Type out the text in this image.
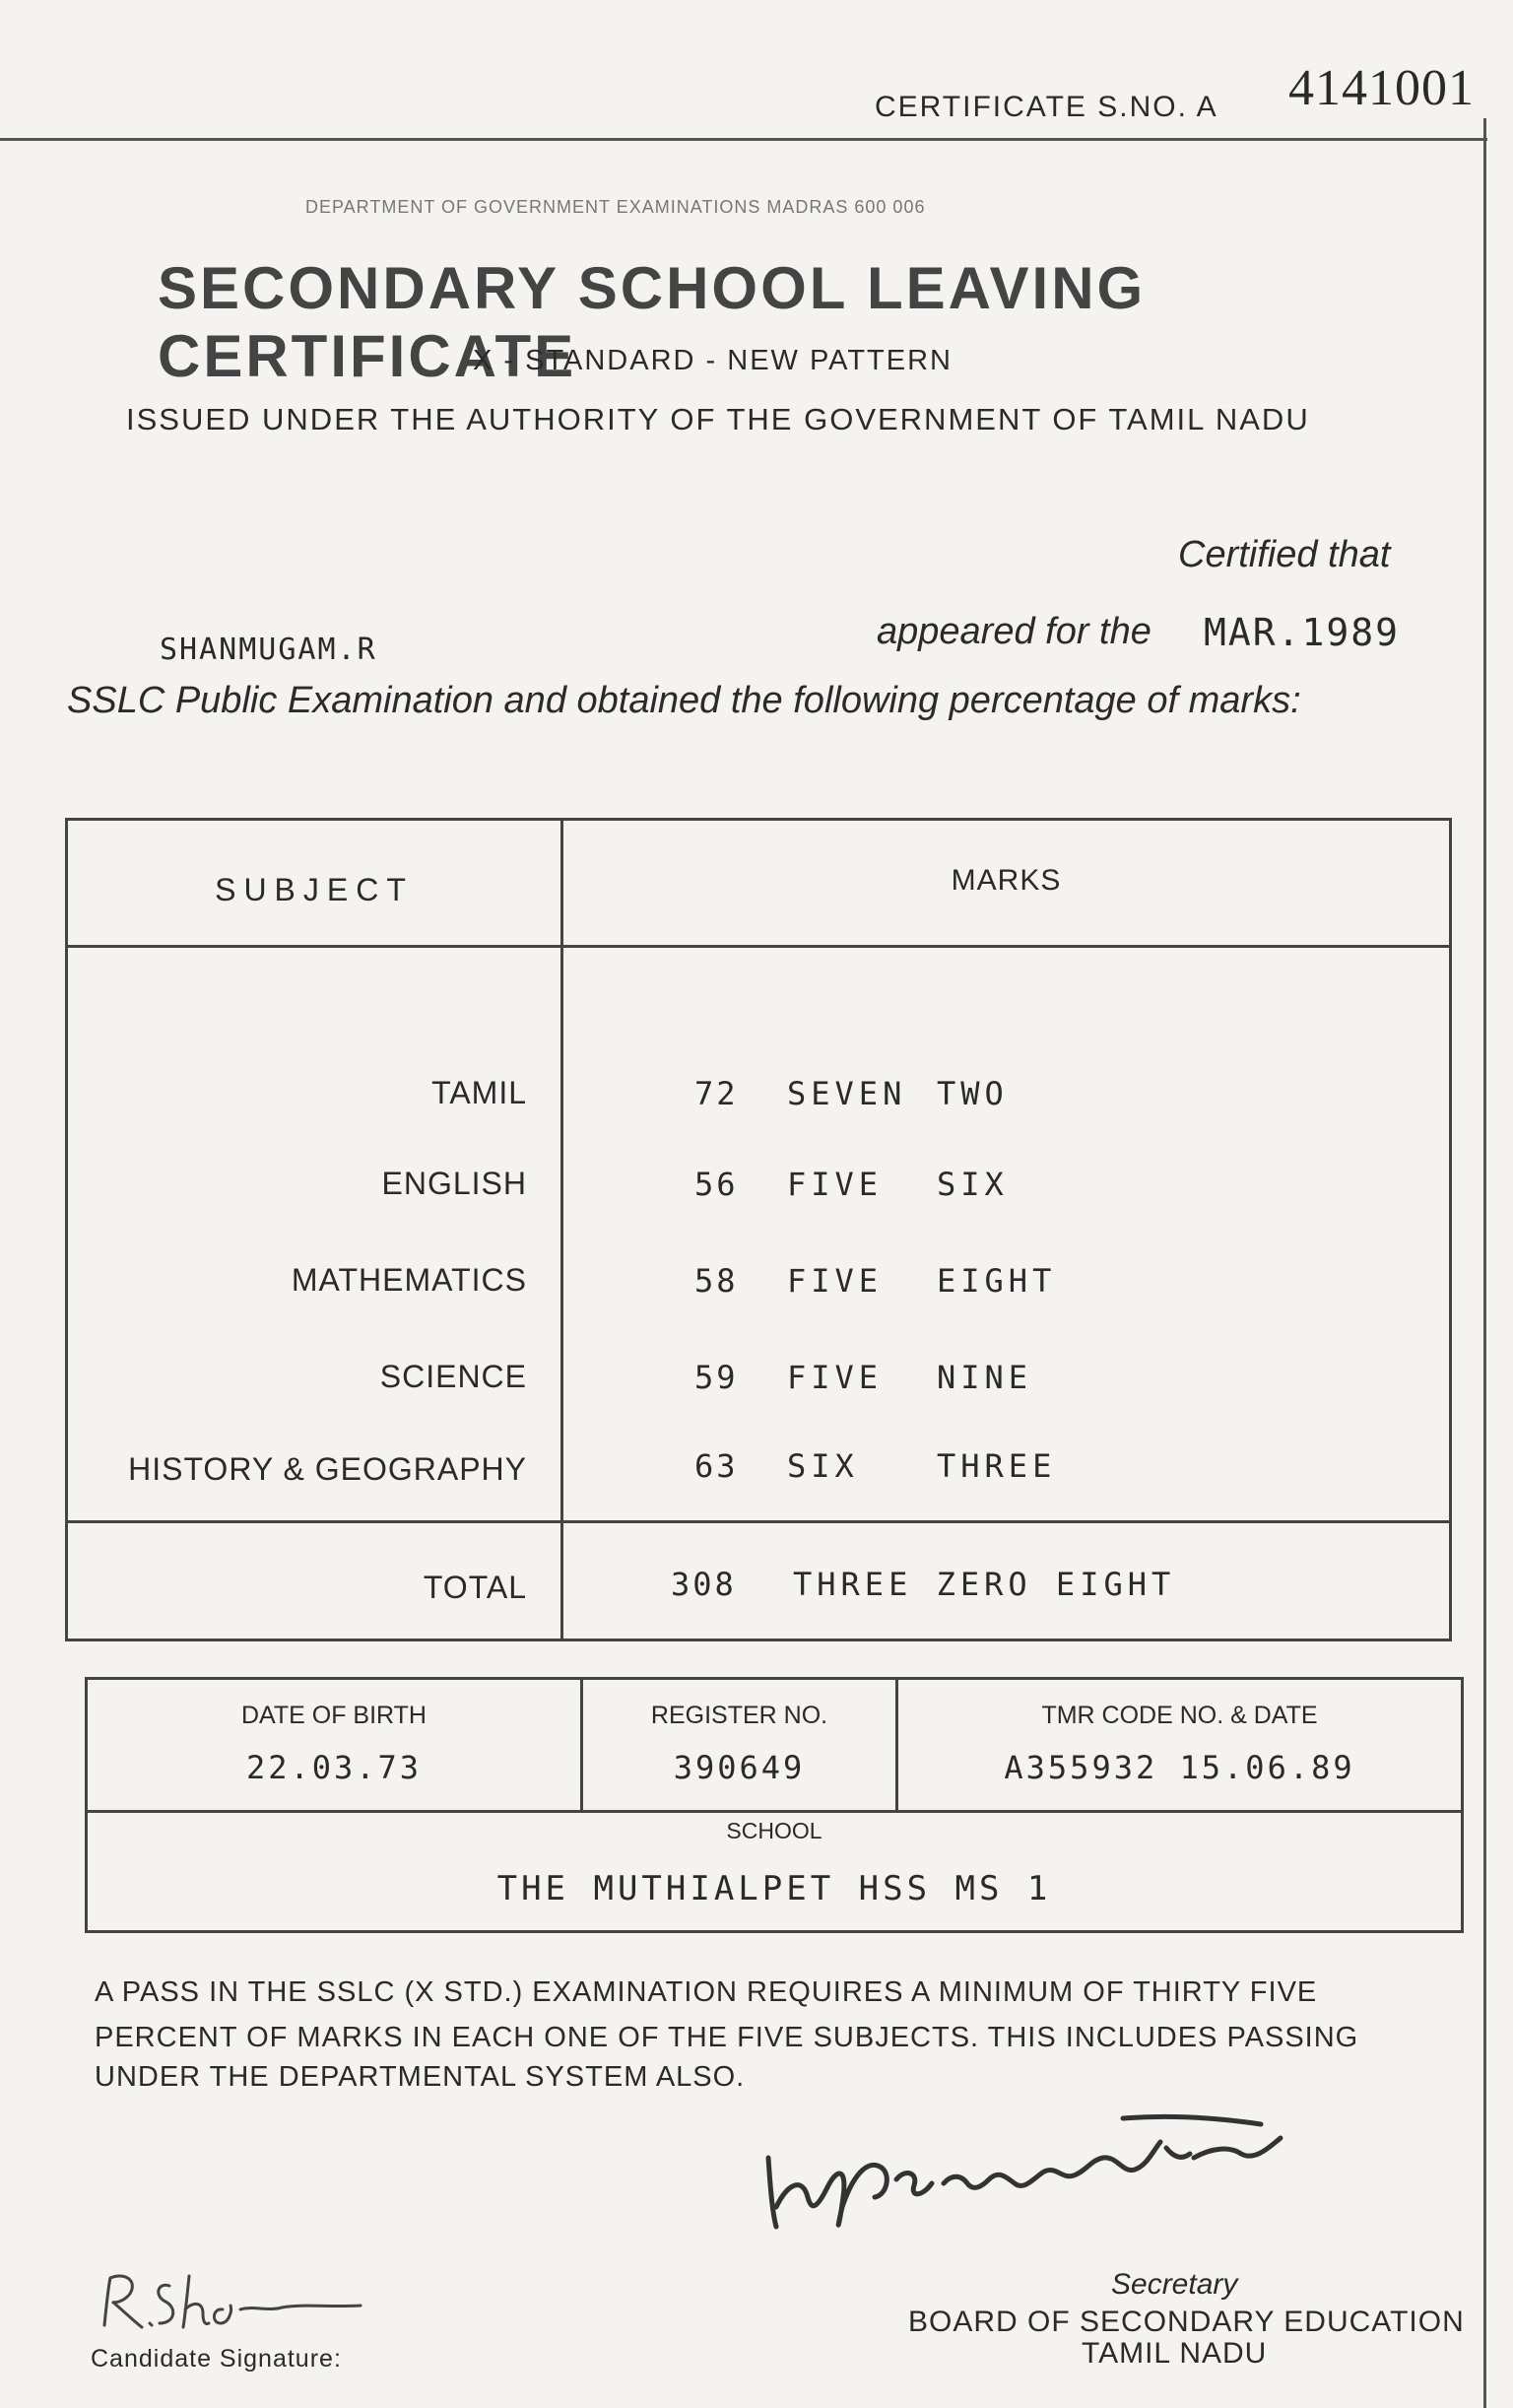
CERTIFICATE S.NO. A 4141001
DEPARTMENT OF GOVERNMENT EXAMINATIONS MADRAS 600 006
SECONDARY SCHOOL LEAVING CERTIFICATE
X - STANDARD - NEW PATTERN
ISSUED UNDER THE AUTHORITY OF THE GOVERNMENT OF TAMIL NADU
Certified that
SHANMUGAM.R	appeared for the MAR.1989
SSLC Public Examination and obtained the following percentage of marks:
SUBJECT	MARKS
TAMIL	72 SEVEN TWO
ENGLISH	56 FIVE SIX
MATHEMATICS	58 FIVE EIGHT
SCIENCE	59 FIVE NINE
HISTORY & GEOGRAPHY	63 SIX THREE
TOTAL	308 THREE ZERO EIGHT
DATE OF BIRTH
22.03.73
REGISTER NO.
390649
TMR CODE NO. & DATE
A355932 15.06.89
SCHOOL
THE MUTHIALPET HSS MS 1
A PASS IN THE SSLC (X STD.) EXAMINATION REQUIRES A MINIMUM OF THIRTY FIVE
PERCENT OF MARKS IN EACH ONE OF THE FIVE SUBJECTS. THIS INCLUDES PASSING
UNDER THE DEPARTMENTAL SYSTEM ALSO.
Secretary
BOARD OF SECONDARY EDUCATION
TAMIL NADU
Candidate Signature:
